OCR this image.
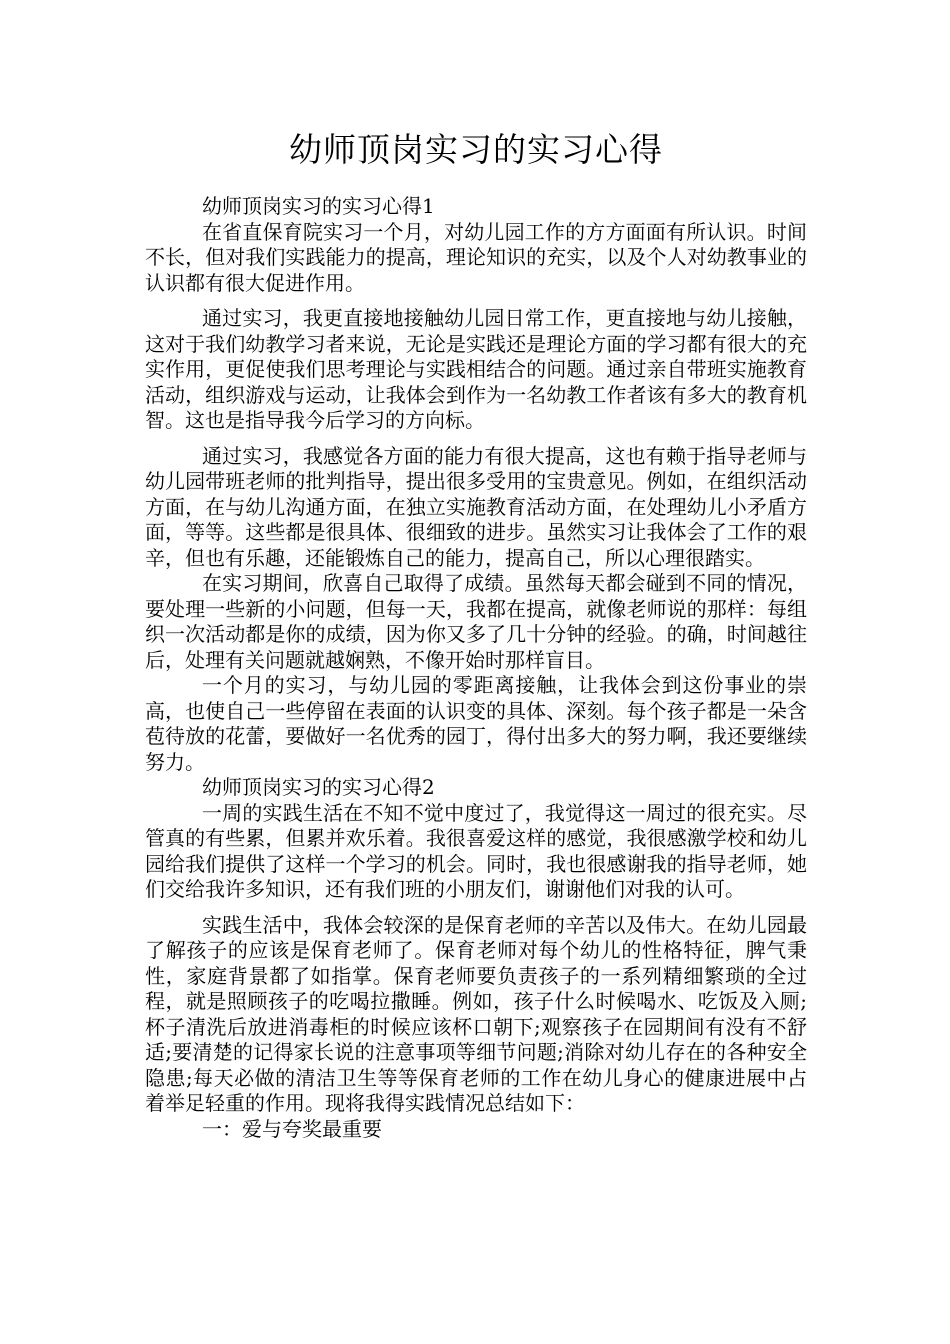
幼师顶岗实习的实习心得

幼师顶岗实习的实习心得1

在省直保育院实习一个月，对幼儿园工作的方方面面有所认识。时间不长，但对我们实践能力的提高，理论知识的充实，以及个人对幼教事业的认识都有很大促进作用。

通过实习，我更直接地接触幼儿园日常工作，更直接地与幼儿接触，这对于我们幼教学习者来说，无论是实践还是理论方面的学习都有很大的充实作用，更促使我们思考理论与实践相结合的问题。通过亲自带班实施教育活动，组织游戏与运动，让我体会到作为一名幼教工作者该有多大的教育机智。这也是指导我今后学习的方向标。

通过实习，我感觉各方面的能力有很大提高，这也有赖于指导老师与幼儿园带班老师的批判指导，提出很多受用的宝贵意见。例如，在组织活动方面，在与幼儿沟通方面，在独立实施教育活动方面，在处理幼儿小矛盾方面，等等。这些都是很具体、很细致的进步。虽然实习让我体会了工作的艰辛，但也有乐趣，还能锻炼自己的能力，提高自己，所以心理很踏实。

在实习期间，欣喜自己取得了成绩。虽然每天都会碰到不同的情况，要处理一些新的小问题，但每一天，我都在提高，就像老师说的那样：每组织一次活动都是你的成绩，因为你又多了几十分钟的经验。的确，时间越往后，处理有关问题就越娴熟，不像开始时那样盲目。

一个月的实习，与幼儿园的零距离接触，让我体会到这份事业的崇高，也使自己一些停留在表面的认识变的具体、深刻。每个孩子都是一朵含苞待放的花蕾，要做好一名优秀的园丁，得付出多大的努力啊，我还要继续努力。

幼师顶岗实习的实习心得2

一周的实践生活在不知不觉中度过了，我觉得这一周过的很充实。尽管真的有些累，但累并欢乐着。我很喜爱这样的感觉，我很感激学校和幼儿园给我们提供了这样一个学习的机会。同时，我也很感谢我的指导老师，她们交给我许多知识，还有我们班的小朋友们，谢谢他们对我的认可。

实践生活中，我体会较深的是保育老师的辛苦以及伟大。在幼儿园最了解孩子的应该是保育老师了。保育老师对每个幼儿的性格特征，脾气秉性，家庭背景都了如指掌。保育老师要负责孩子的一系列精细繁琐的全过程，就是照顾孩子的吃喝拉撒睡。例如，孩子什么时候喝水、吃饭及入厕;杯子清洗后放进消毒柜的时候应该杯口朝下;观察孩子在园期间有没有不舒适;要清楚的记得家长说的注意事项等细节问题;消除对幼儿存在的各种安全隐患;每天必做的清洁卫生等等保育老师的工作在幼儿身心的健康进展中占着举足轻重的作用。现将我得实践情况总结如下：

一：爱与夸奖最重要
